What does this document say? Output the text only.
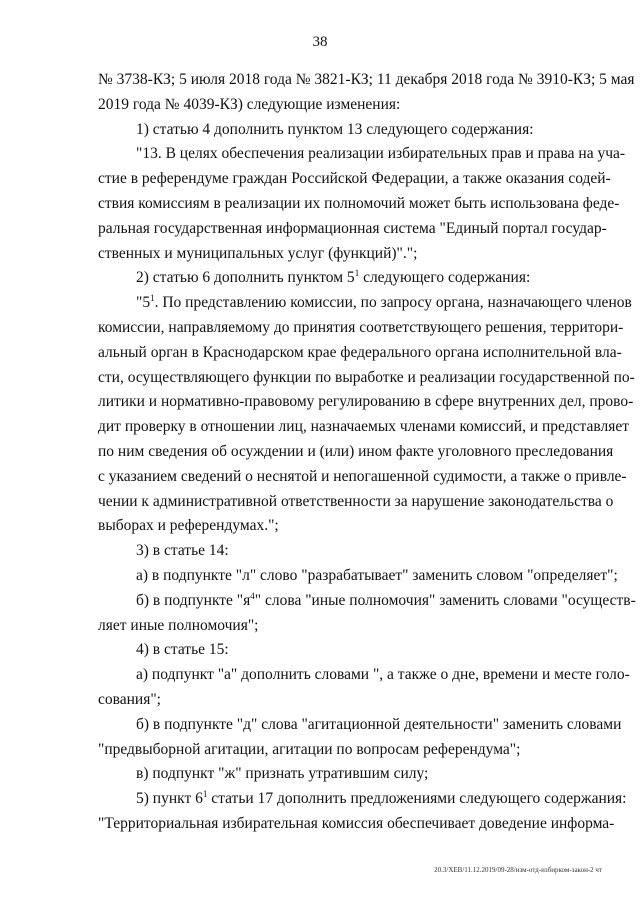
38
№ 3738-КЗ; 5 июля 2018 года № 3821-КЗ; 11 декабря 2018 года № 3910-КЗ; 5 мая
2019 года № 4039-КЗ) следующие изменения:
1) статью 4 дополнить пунктом 13 следующего содержания:
"13. В целях обеспечения реализации избирательных прав и права на уча-
стие в референдуме граждан Российской Федерации, а также оказания содей-
ствия комиссиям в реализации их полномочий может быть использована феде-
ральная государственная информационная система "Единый портал государ-
ственных и муниципальных услуг (функций)".";
2) статью 6 дополнить пунктом $5^1$ следующего содержания:
"$5^1$. По представлению комиссии, по запросу органа, назначающего членов
комиссии, направляемому до принятия соответствующего решения, территори-
альный орган в Краснодарском крае федерального органа исполнительной вла-
сти, осуществляющего функции по выработке и реализации государственной по-
литики и нормативно-правовому регулированию в сфере внутренних дел, прово-
дит проверку в отношении лиц, назначаемых членами комиссий, и представляет
по ним сведения об осуждении и (или) ином факте уголовного преследования
с указанием сведений о неснятой и непогашенной судимости, а также о привле-
чении к административной ответственности за нарушение законодательства о
выборах и референдумах.";
3) в статье 14:
а) в подпункте "л" слово "разрабатывает" заменить словом "определяет";
б) в подпункте "$я^4$" слова "иные полномочия" заменить словами "осуществ-
ляет иные полномочия";
4) в статье 15:
а) подпункт "а" дополнить словами ", а также о дне, времени и месте голо-
сования";
б) в подпункте "д" слова "агитационной деятельности" заменить словами
"предвыборной агитации, агитации по вопросам референдума";
в) подпункт "ж" признать утратившим силу;
5) пункт $6^1$ статьи 17 дополнить предложениями следующего содержания:
"Территориальная избирательная комиссия обеспечивает доведение информа-
20.3/ХЕВ/11.12.2019/09-28/изм-отд-избирком-закон-2 чт
